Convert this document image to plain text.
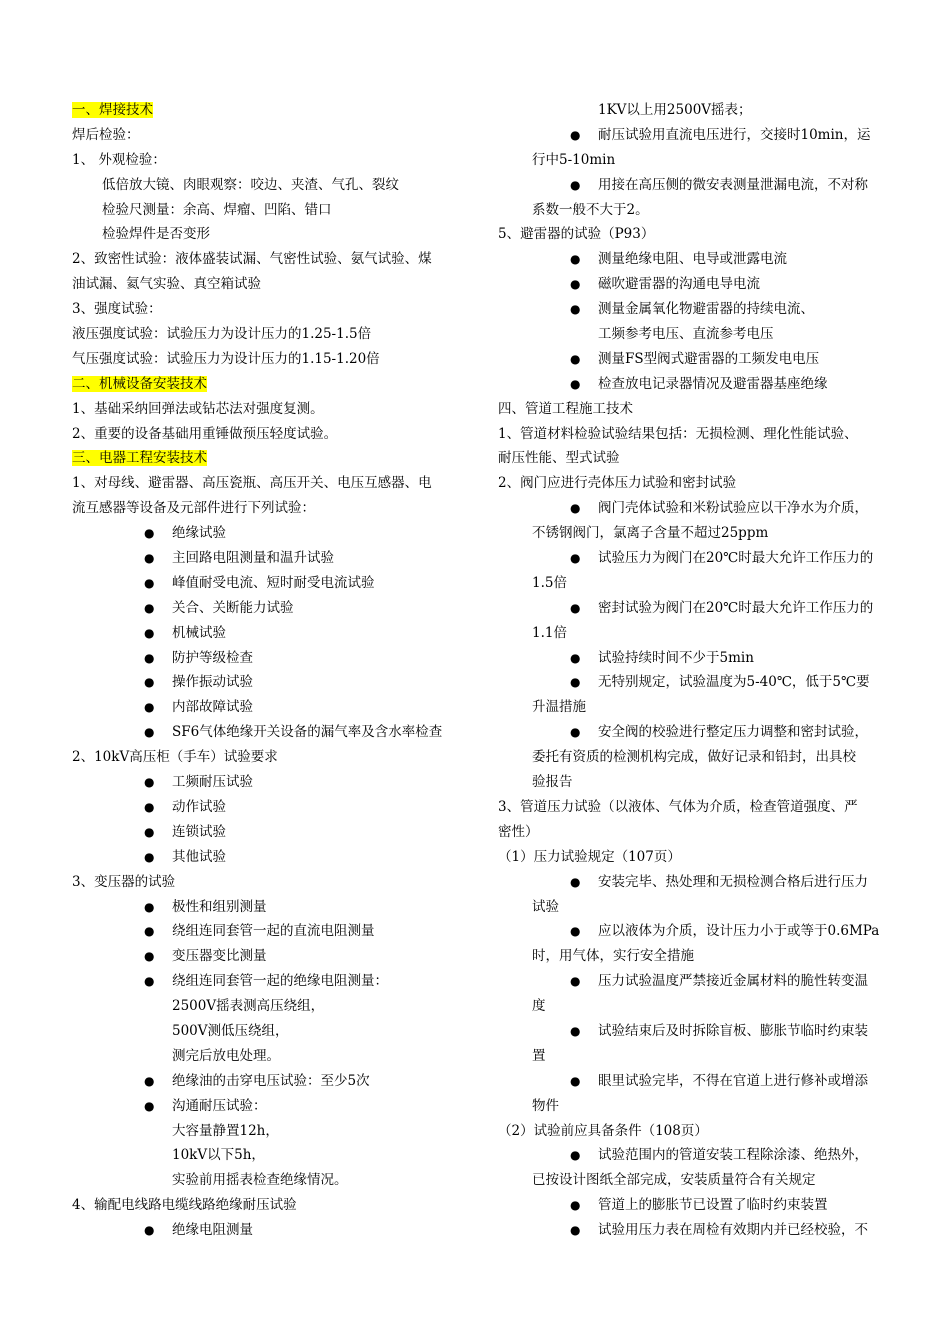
一、焊接技术
焊后检验：
1、 外观检验：
低倍放大镜、肉眼观察：咬边、夹渣、气孔、裂纹
检验尺测量：余高、焊瘤、凹陷、错口
检验焊件是否变形
2、致密性试验：液体盛装试漏、气密性试验、氨气试验、煤
油试漏、氦气实验、真空箱试验
3、强度试验：
液压强度试验：试验压力为设计压力的1.25-1.5倍
气压强度试验：试验压力为设计压力的1.15-1.20倍
二、机械设备安装技术
1、基础采纳回弹法或钻芯法对强度复测。
2、重要的设备基础用重锤做预压轻度试验。
三、电器工程安装技术
1、对母线、避雷器、高压瓷瓶、高压开关、电压互感器、电
流互感器等设备及元部件进行下列试验：
● 绝缘试验
● 主回路电阻测量和温升试验
● 峰值耐受电流、短时耐受电流试验
● 关合、关断能力试验
● 机械试验
● 防护等级检查
● 操作振动试验
● 内部故障试验
● SF6气体绝缘开关设备的漏气率及含水率检查
2、10kV高压柜（手车）试验要求
● 工频耐压试验
● 动作试验
● 连锁试验
● 其他试验
3、变压器的试验
● 极性和组别测量
● 绕组连同套管一起的直流电阻测量
● 变压器变比测量
● 绕组连同套管一起的绝缘电阻测量：
2500V摇表测高压绕组，
500V测低压绕组，
测完后放电处理。
● 绝缘油的击穿电压试验：至少5次
● 沟通耐压试验：
大容量静置12h，
10kV以下5h，
实验前用摇表检查绝缘情况。
4、输配电线路电缆线路绝缘耐压试验
● 绝缘电阻测量
1KV以上用2500V摇表；
● 耐压试验用直流电压进行，交接时10min，运
行中5-10min
● 用接在高压侧的微安表测量泄漏电流，不对称
系数一般不大于2。
5、避雷器的试验（P93）
● 测量绝缘电阻、电导或泄露电流
● 磁吹避雷器的沟通电导电流
● 测量金属氧化物避雷器的持续电流、
工频参考电压、直流参考电压
● 测量FS型阀式避雷器的工频发电电压
● 检查放电记录器情况及避雷器基座绝缘
四、管道工程施工技术
1、管道材料检验试验结果包括：无损检测、理化性能试验、
耐压性能、型式试验
2、阀门应进行壳体压力试验和密封试验
● 阀门壳体试验和米粉试验应以干净水为介质，
不锈钢阀门，氯离子含量不超过25ppm
● 试验压力为阀门在20℃时最大允许工作压力的
1.5倍
● 密封试验为阀门在20℃时最大允许工作压力的
1.1倍
● 试验持续时间不少于5min
● 无特别规定，试验温度为5-40℃，低于5℃要
升温措施
● 安全阀的校验进行整定压力调整和密封试验，
委托有资质的检测机构完成，做好记录和铅封，出具校
验报告
3、管道压力试验（以液体、气体为介质，检查管道强度、严
密性）
（1）压力试验规定（107页）
● 安装完毕、热处理和无损检测合格后进行压力
试验
● 应以液体为介质，设计压力小于或等于0.6MPa
时，用气体，实行安全措施
● 压力试验温度严禁接近金属材料的脆性转变温
度
● 试验结束后及时拆除盲板、膨胀节临时约束装
置
● 眼里试验完毕，不得在官道上进行修补或增添
物件
（2）试验前应具备条件（108页）
● 试验范围内的管道安装工程除涂漆、绝热外，
已按设计图纸全部完成，安装质量符合有关规定
● 管道上的膨胀节已设置了临时约束装置
● 试验用压力表在周检有效期内并已经校验，不
